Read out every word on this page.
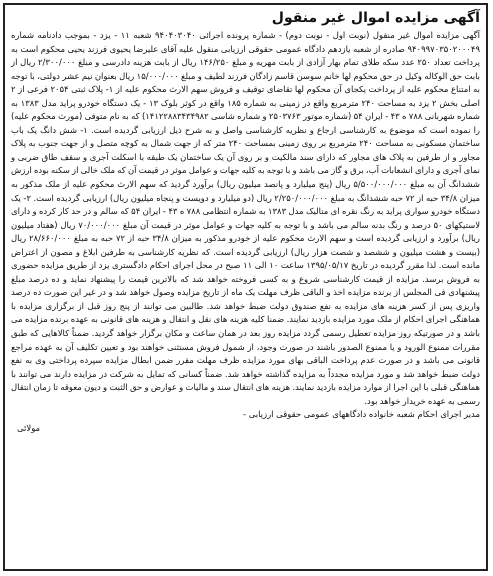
آگهی مزایده اموال غیر منقول

آگهی مزایده اموال غیر منقول (نوبت اول - نوبت دوم) - شماره پرونده اجرائی ۹۴۰۴۰۳۰۴۰ شعبه ۱۱ - یزد - بموجب دادنامه شماره ۹۴۰۹۹۷۰۳۵۰۲۰۰۰۴۹ صادره از شعبه یازدهم دادگاه عمومی حقوقی ارزیابی منقول علیه آقای علیرضا یحیوی فرزند یحیی محکوم است به پرداخت تعداد ۲۵۰ عدد سکه طلای تمام بهار آزادی از بابت مهریه و مبلغ ۱۴۶/۲۵۰ ریال از بابت هزینه دادرسی و مبلغ ۲/۳۰۰/۰۰۰ ریال از بابت حق الوکاله وکیل در حق محکوم لها خانم سوسن قاسم زادگان فرزند لطیف و مبلغ ۱۵/۰۰۰/۰۰۰ ریال بعنوان نیم عشر دولتی، با توجه به امتناع محکوم علیه از پرداخت یکجای آن محکوم لها تقاضای توقیف و فروش سهم الارث محکوم علیه از ۱- پلاک ثبتی ۲۰۵۴ فرعی از ۲ اصلی بخش ۲ یزد به مساحت ۲۴۰ مترمربع واقع در زمینی به شماره ۱۸۵ واقع در کوثر بلوک ۱۳ - یک دستگاه خودرو پراید مدل ۱۳۸۳ به شماره شهربانی ۷۸۸ ه ۴۳ - ایران ۵۴ (شماره موتور ۲۵۰۳۷۶۳ و شماره شاسی ۱۴۱۲۲۸۸۳۴۳۴۹۸۲) که به نام متوفی (مورث محکوم علیه) را نموده است که موضوع به کارشناسی ارجاع و نظریه کارشناسی واصل و به شرح ذیل ارزیابی گردیده است. ۱- شش دانگ یک باب ساختمان مسکونی به مساحت ۲۴۰ مترمربع بر روی زمینی بمساحت ۲۴۰ متر که از جهت شمال به کوچه متصل و از جهت جنوب به پلاک مجاور و از طرفین به پلاک های مجاور که دارای سند مالکیت و بر روی آن یک ساختمان یک طبقه با اسکلت آجری و سقف طاق ضربی و نمای آجری و دارای انشعابات آب، برق و گاز می باشد و با توجه به کلیه جهات و عوامل موثر در قیمت آن که ملک خالی از سکنه بوده ارزش ششدانگ آن به مبلغ ۵/۵۰۰/۰۰۰/۰۰۰ ریال (پنج میلیارد و پانصد میلیون ریال) برآورد گردید که سهم الارث محکوم علیه از ملک مذکور به میزان ۳۴/۸ حبه از ۷۲ حبه ششدانگ به مبلغ ۲/۲۵۰/۰۰۰/۰۰۰ ریال (دو میلیارد و دویست و پنجاه میلیون ریال) ارزیابی گردیده است. ۲- یک دستگاه خودرو سواری پراید به رنگ نقره ای متالیک مدل ۱۳۸۳ به شماره انتظامی ۷۸۸ ه ۴۳ - ایران ۵۴ که سالم و در حد کار کرده و دارای لاستیکهای ۵۰ درصد و رنگ بدنه سالم می باشد و با توجه به کلیه جهات و عوامل موثر در قیمت آن مبلغ ۷۰/۰۰۰/۰۰۰ ریال (هفتاد میلیون ریال) برآورد و ارزیابی گردیده است و سهم الارث محکوم علیه از خودرو مذکور به میزان ۳۴/۸ حبه از ۷۲ حبه به مبلغ ۲۸/۶۶۰/۰۰۰ ریال (بیست و هشت میلیون و ششصد و شصت هزار ریال) ارزیابی گردیده است. که نظریه کارشناسی به طرفین ابلاغ و مصون از اعتراض مانده است. لذا مقرر گردیده در تاریخ ۱۳۹۵/۰۵/۱۷ ساعت ۱۰ الی ۱۱ صبح در محل اجرای احکام دادگستری یزد از طریق مزایده حضوری به فروش برسد. مزایده از قیمت کارشناسی شروع و به کسی فروخته خواهد شد که بالاترین قیمت را پیشنهاد نماید و ده درصد مبلغ پیشنهادی فی المجلس از برنده مزایده اخذ و الباقی ظرف مهلت یک ماه از تاریخ مزایده وصول خواهد شد و در غیر این صورت ده درصد واریزی پس از کسر هزینه های مزایده به نفع صندوق دولت ضبط خواهد شد. طالبین می توانند از پنج روز قبل از برگزاری مزایده با هماهنگی اجرای احکام از ملک مورد مزایده بازدید نمایند. ضمنا کلیه هزینه های نقل و انتقال و هزینه های قانونی به عهده برنده مزایده می باشد و در صورتیکه روز مزایده تعطیل رسمی گردد مزایده روز بعد در همان ساعت و مکان برگزار خواهد گردید. ضمناً کالاهایی که طبق مقررات ممنوع الورود و یا ممنوع الصدور باشند در صورت وجود، از شمول فروش مستثنی خواهند بود و تعیین تکلیف آن به عهده مراجع قانونی می باشد و در صورت عدم پرداخت الباقی بهای مورد مزایده ظرف مهلت مقرر ضمن ابطال مزایده سپرده پرداختی وی به نفع دولت ضبط خواهد شد و مورد مزایده مجدداً به مزایده گذاشته خواهد شد. ضمناً کسانی که تمایل به شرکت در مزایده دارند می توانند با هماهنگی قبلی با این اجرا از موارد مزایده بازدید نمایند. هزینه های انتقال سند و مالیات و عوارض و حق الثبت و دیون معوقه تا زمان انتقال رسمی به عهده خریدار خواهد بود.

مدیر اجرای احکام شعبه خانواده دادگاههای عمومی حقوقی ارزیابی -

مولائی
